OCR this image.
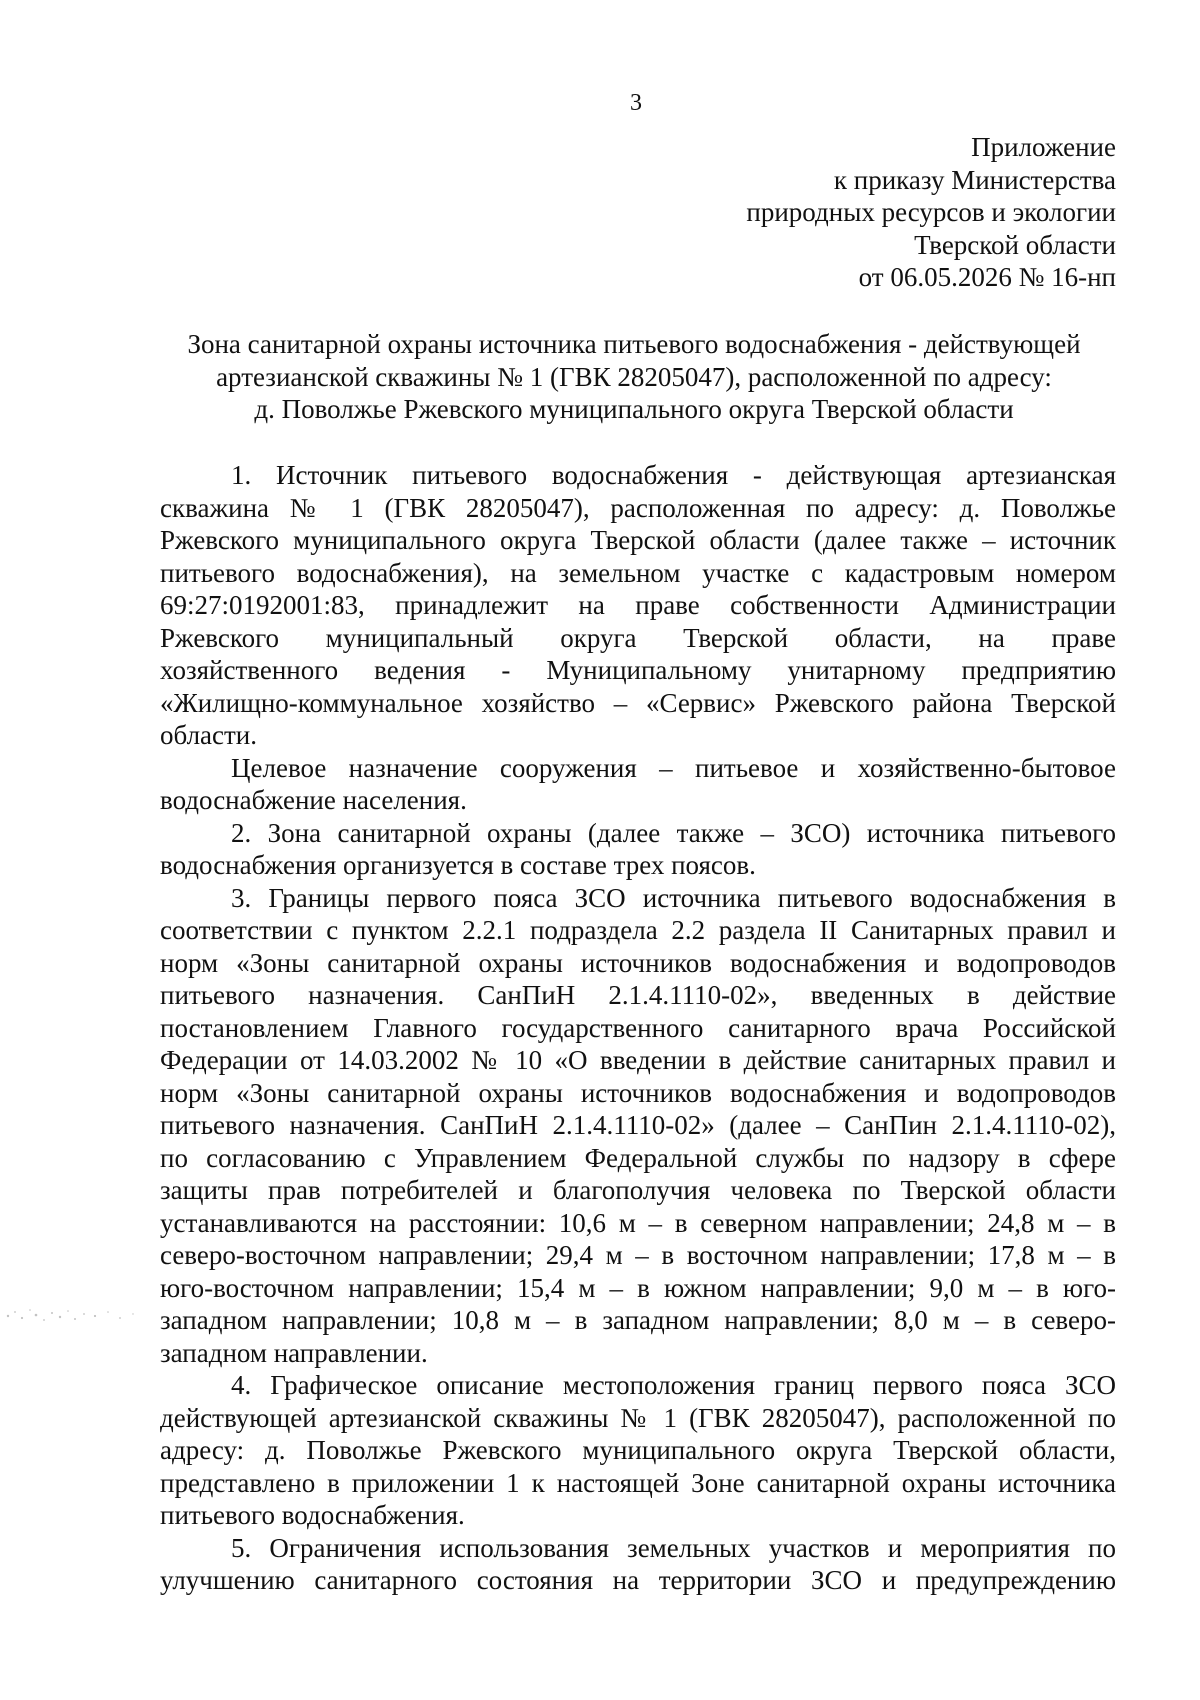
3
Приложение
к приказу Министерства
природных ресурсов и экологии
Тверской области
от 06.05.2026 № 16-нп
Зона санитарной охраны источника питьевого водоснабжения - действующей
артезианской скважины № 1 (ГВК 28205047), расположенной по адресу:
д. Поволжье Ржевского муниципального округа Тверской области
1. Источник питьевого водоснабжения - действующая артезианская
скважина № 1 (ГВК 28205047), расположенная по адресу: д. Поволжье
Ржевского муниципального округа Тверской области (далее также – источник
питьевого водоснабжения), на земельном участке с кадастровым номером
69:27:0192001:83, принадлежит на праве собственности Администрации
Ржевского муниципальный округа Тверской области, на праве
хозяйственного ведения - Муниципальному унитарному предприятию
«Жилищно-коммунальное хозяйство – «Сервис» Ржевского района Тверской
области.
Целевое назначение сооружения – питьевое и хозяйственно-бытовое
водоснабжение населения.
2. Зона санитарной охраны (далее также – ЗСО) источника питьевого
водоснабжения организуется в составе трех поясов.
3. Границы первого пояса ЗСО источника питьевого водоснабжения в
соответствии с пунктом 2.2.1 подраздела 2.2 раздела II Санитарных правил и
норм «Зоны санитарной охраны источников водоснабжения и водопроводов
питьевого назначения. СанПиН 2.1.4.1110-02», введенных в действие
постановлением Главного государственного санитарного врача Российской
Федерации от 14.03.2002 № 10 «О введении в действие санитарных правил и
норм «Зоны санитарной охраны источников водоснабжения и водопроводов
питьевого назначения. СанПиН 2.1.4.1110-02» (далее – СанПин 2.1.4.1110-02),
по согласованию с Управлением Федеральной службы по надзору в сфере
защиты прав потребителей и благополучия человека по Тверской области
устанавливаются на расстоянии: 10,6 м – в северном направлении; 24,8 м – в
северо-восточном направлении; 29,4 м – в восточном направлении; 17,8 м – в
юго-восточном направлении; 15,4 м – в южном направлении; 9,0 м – в юго-
западном направлении; 10,8 м – в западном направлении; 8,0 м – в северо-
западном направлении.
4. Графическое описание местоположения границ первого пояса ЗСО
действующей артезианской скважины № 1 (ГВК 28205047), расположенной по
адресу: д. Поволжье Ржевского муниципального округа Тверской области,
представлено в приложении 1 к настоящей Зоне санитарной охраны источника
питьевого водоснабжения.
5. Ограничения использования земельных участков и мероприятия по
улучшению санитарного состояния на территории ЗСО и предупреждению
